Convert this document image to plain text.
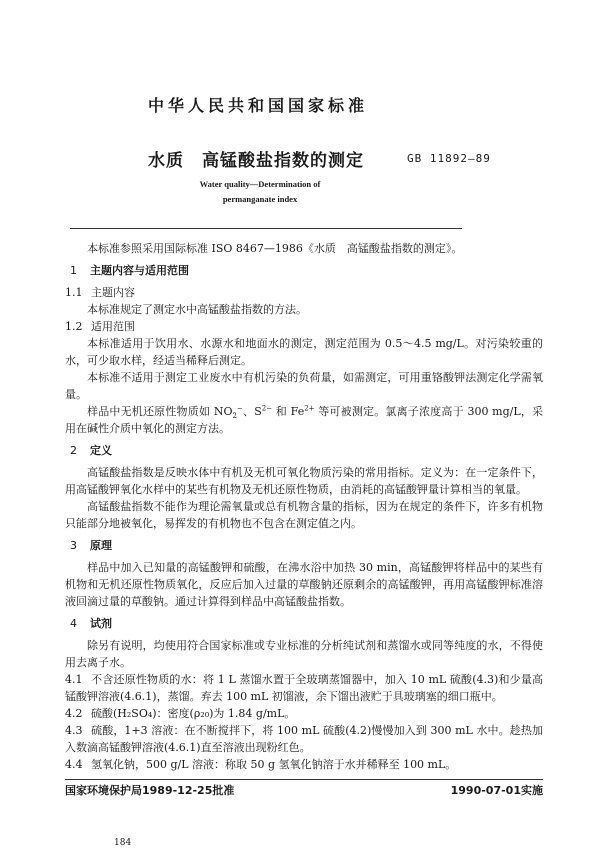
中华人民共和国国家标准
水质　高锰酸盐指数的测定	GB 11892—89
Water quality—Determination of
permanganate index
本标准参照采用国际标准 ISO 8467—1986《水质　高锰酸盐指数的测定》。
1 主题内容与适用范围
1.1 主题内容
本标准规定了测定水中高锰酸盐指数的方法。
1.2 适用范围
本标准适用于饮用水、水源水和地面水的测定，测定范围为 0.5～4.5 mg/L。对污染较重的水，可少取水样，经适当稀释后测定。
本标准不适用于测定工业废水中有机污染的负荷量，如需测定，可用重铬酸钾法测定化学需氧量。
样品中无机还原性物质如 $NO_2^-$、$S^{2-}$ 和 $Fe^{2+}$ 等可被测定。氯离子浓度高于 300 mg/L，采用在碱性介质中氧化的测定方法。
2 定义
高锰酸盐指数是反映水体中有机及无机可氧化物质污染的常用指标。定义为：在一定条件下，用高锰酸钾氧化水样中的某些有机物及无机还原性物质，由消耗的高锰酸钾量计算相当的氧量。
高锰酸盐指数不能作为理论需氧量或总有机物含量的指标，因为在规定的条件下，许多有机物只能部分地被氧化，易挥发的有机物也不包含在测定值之内。
3 原理
样品中加入已知量的高锰酸钾和硫酸，在沸水浴中加热 30 min，高锰酸钾将样品中的某些有机物和无机还原性物质氧化，反应后加入过量的草酸钠还原剩余的高锰酸钾，再用高锰酸钾标准溶液回滴过量的草酸钠。通过计算得到样品中高锰酸盐指数。
4 试剂
除另有说明，均使用符合国家标准或专业标准的分析纯试剂和蒸馏水或同等纯度的水，不得使用去离子水。
4.1 不含还原性物质的水：将 1 L 蒸馏水置于全玻璃蒸馏器中，加入 10 mL 硫酸(4.3)和少量高锰酸钾溶液(4.6.1)，蒸馏。弃去 100 mL 初馏液，余下馏出液贮于具玻璃塞的细口瓶中。
4.2 硫酸(H₂SO₄)：密度(ρ₂₀)为 1.84 g/mL。
4.3 硫酸，1+3 溶液：在不断搅拌下，将 100 mL 硫酸(4.2)慢慢加入到 300 mL 水中。趁热加入数滴高锰酸钾溶液(4.6.1)直至溶液出现粉红色。
4.4 氢氧化钠，500 g/L 溶液：称取 50 g 氢氧化钠溶于水并稀释至 100 mL。
国家环境保护局1989-12-25批准	1990-07-01实施
184
